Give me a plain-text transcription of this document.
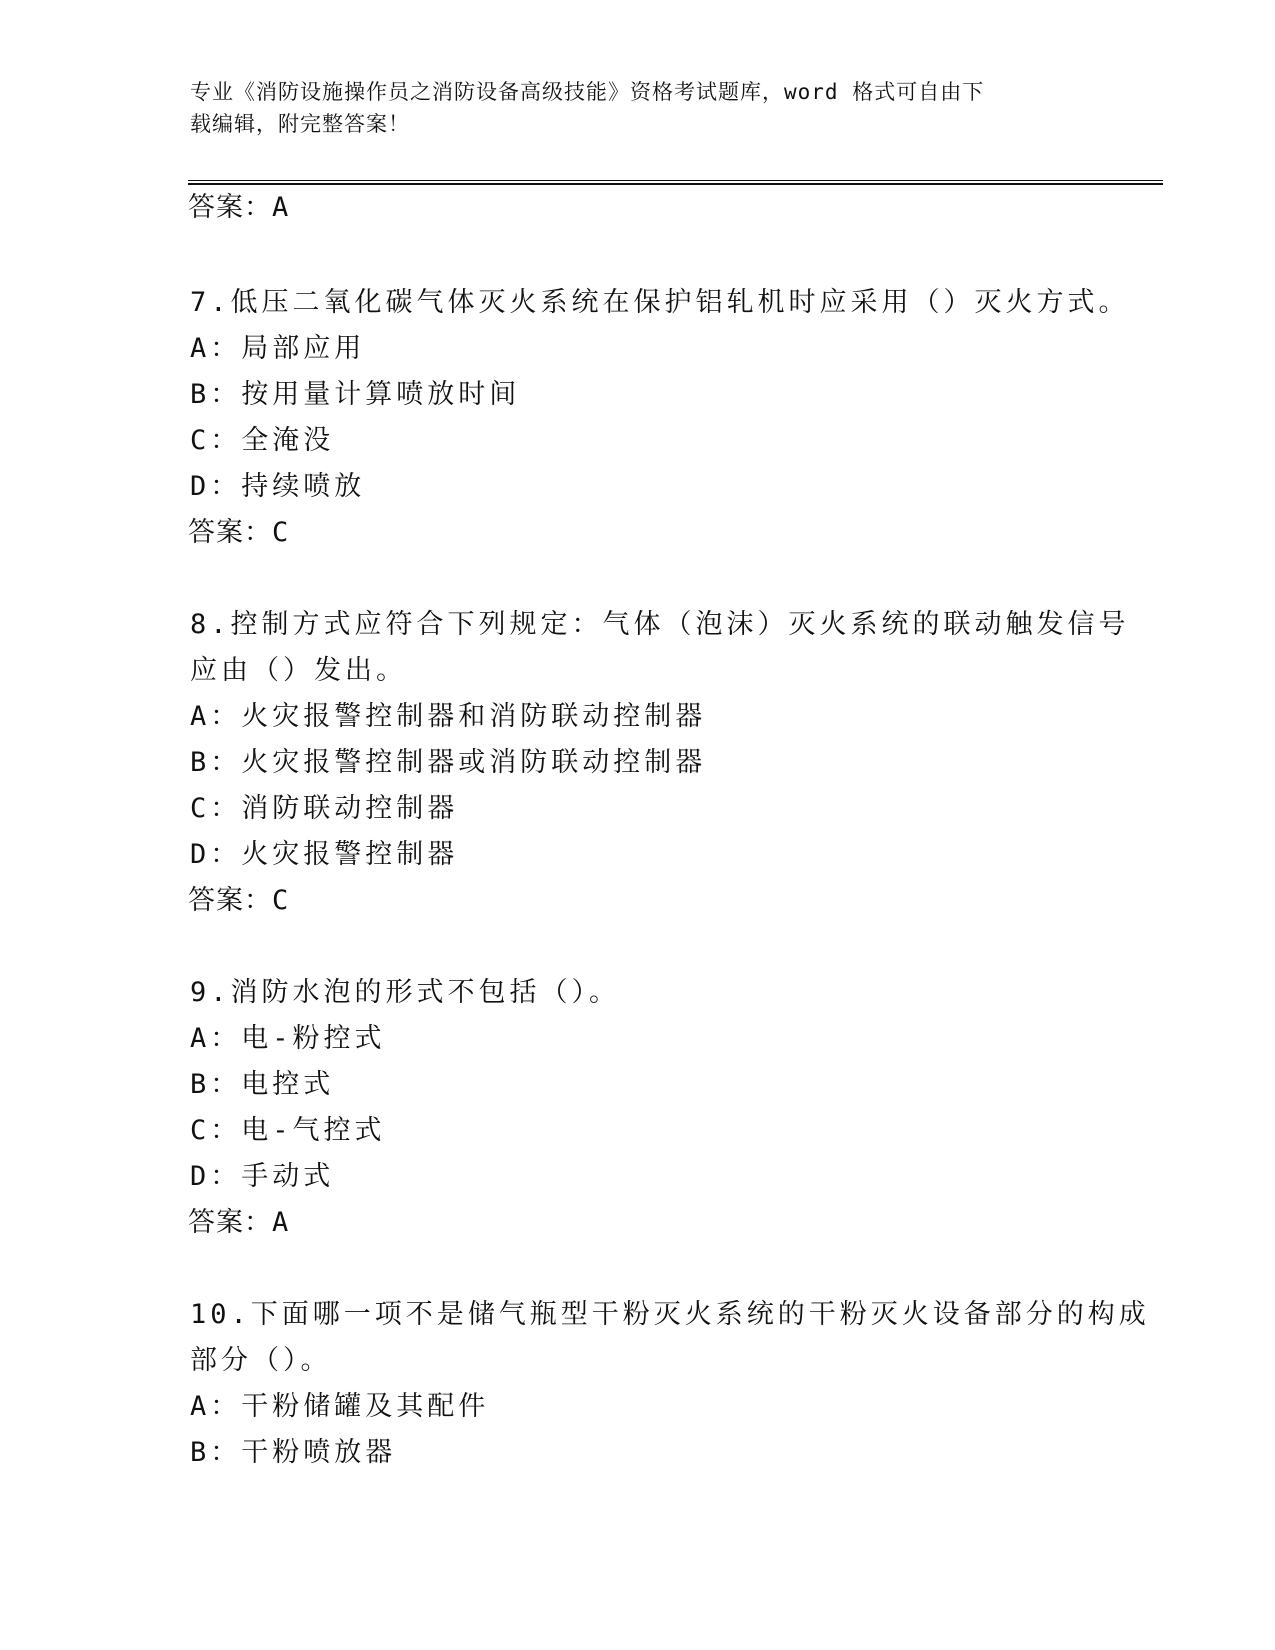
专业《消防设施操作员之消防设备高级技能》资格考试题库，word 格式可自由下
载编辑，附完整答案！
答案：A
7.低压二氧化碳气体灭火系统在保护铝轧机时应采用（）灭火方式。
A：局部应用
B：按用量计算喷放时间
C：全淹没
D：持续喷放
答案：C
8.控制方式应符合下列规定：气体（泡沫）灭火系统的联动触发信号
应由（）发出。
A：火灾报警控制器和消防联动控制器
B：火灾报警控制器或消防联动控制器
C：消防联动控制器
D：火灾报警控制器
答案：C
9.消防水泡的形式不包括（）。
A：电-粉控式
B：电控式
C：电-气控式
D：手动式
答案：A
10.下面哪一项不是储气瓶型干粉灭火系统的干粉灭火设备部分的构成
部分（）。
A：干粉储罐及其配件
B：干粉喷放器
